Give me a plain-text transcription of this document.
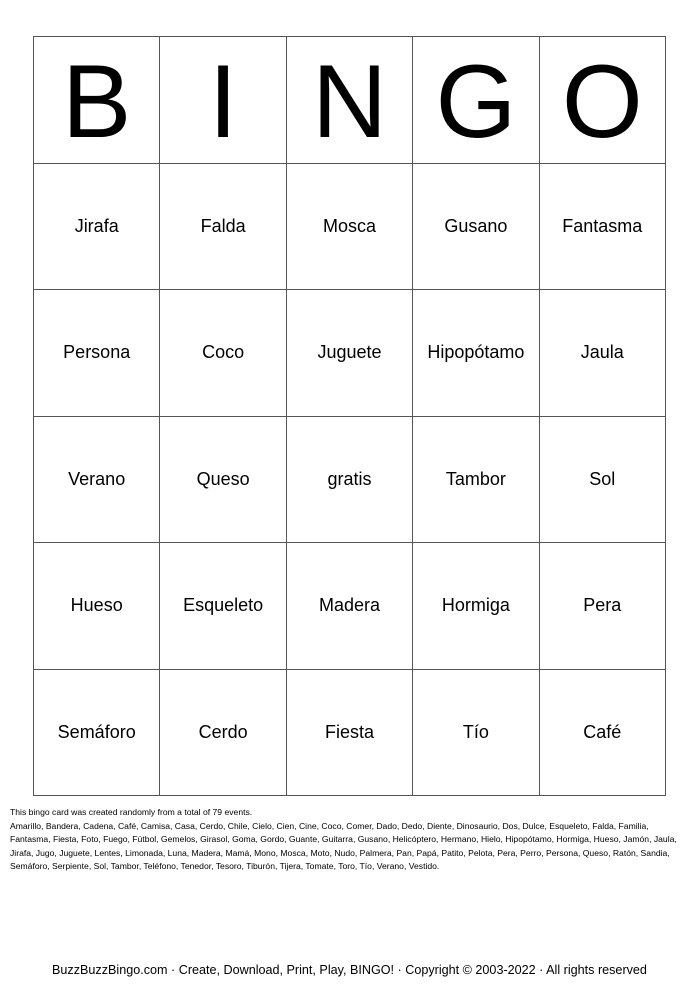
B I N G O
Jirafa	Falda	Mosca	Gusano	Fantasma
Persona	Coco	Juguete	Hipopótamo	Jaula
Verano	Queso	gratis	Tambor	Sol
Hueso	Esqueleto	Madera	Hormiga	Pera
Semáforo	Cerdo	Fiesta	Tío	Café

This bingo card was created randomly from a total of 79 events.

Amarillo, Bandera, Cadena, Café, Camisa, Casa, Cerdo, Chile, Cielo, Cien, Cine, Coco, Comer, Dado, Dedo, Diente, Dinosaurio, Dos, Dulce, Esqueleto, Falda, Familia, Fantasma, Fiesta, Foto, Fuego, Fútbol, Gemelos, Girasol, Goma, Gordo, Guante, Guitarra, Gusano, Helicóptero, Hermano, Hielo, Hipopótamo, Hormiga, Hueso, Jamón, Jaula, Jirafa, Jugo, Juguete, Lentes, Limonada, Luna, Madera, Mamá, Mono, Mosca, Moto, Nudo, Palmera, Pan, Papá, Patito, Pelota, Pera, Perro, Persona, Queso, Ratón, Sandia, Semáforo, Serpiente, Sol, Tambor, Teléfono, Tenedor, Tesoro, Tiburón, Tijera, Tomate, Toro, Tío, Verano, Vestido.

BuzzBuzzBingo.com · Create, Download, Print, Play, BINGO! · Copyright © 2003-2022 · All rights reserved
